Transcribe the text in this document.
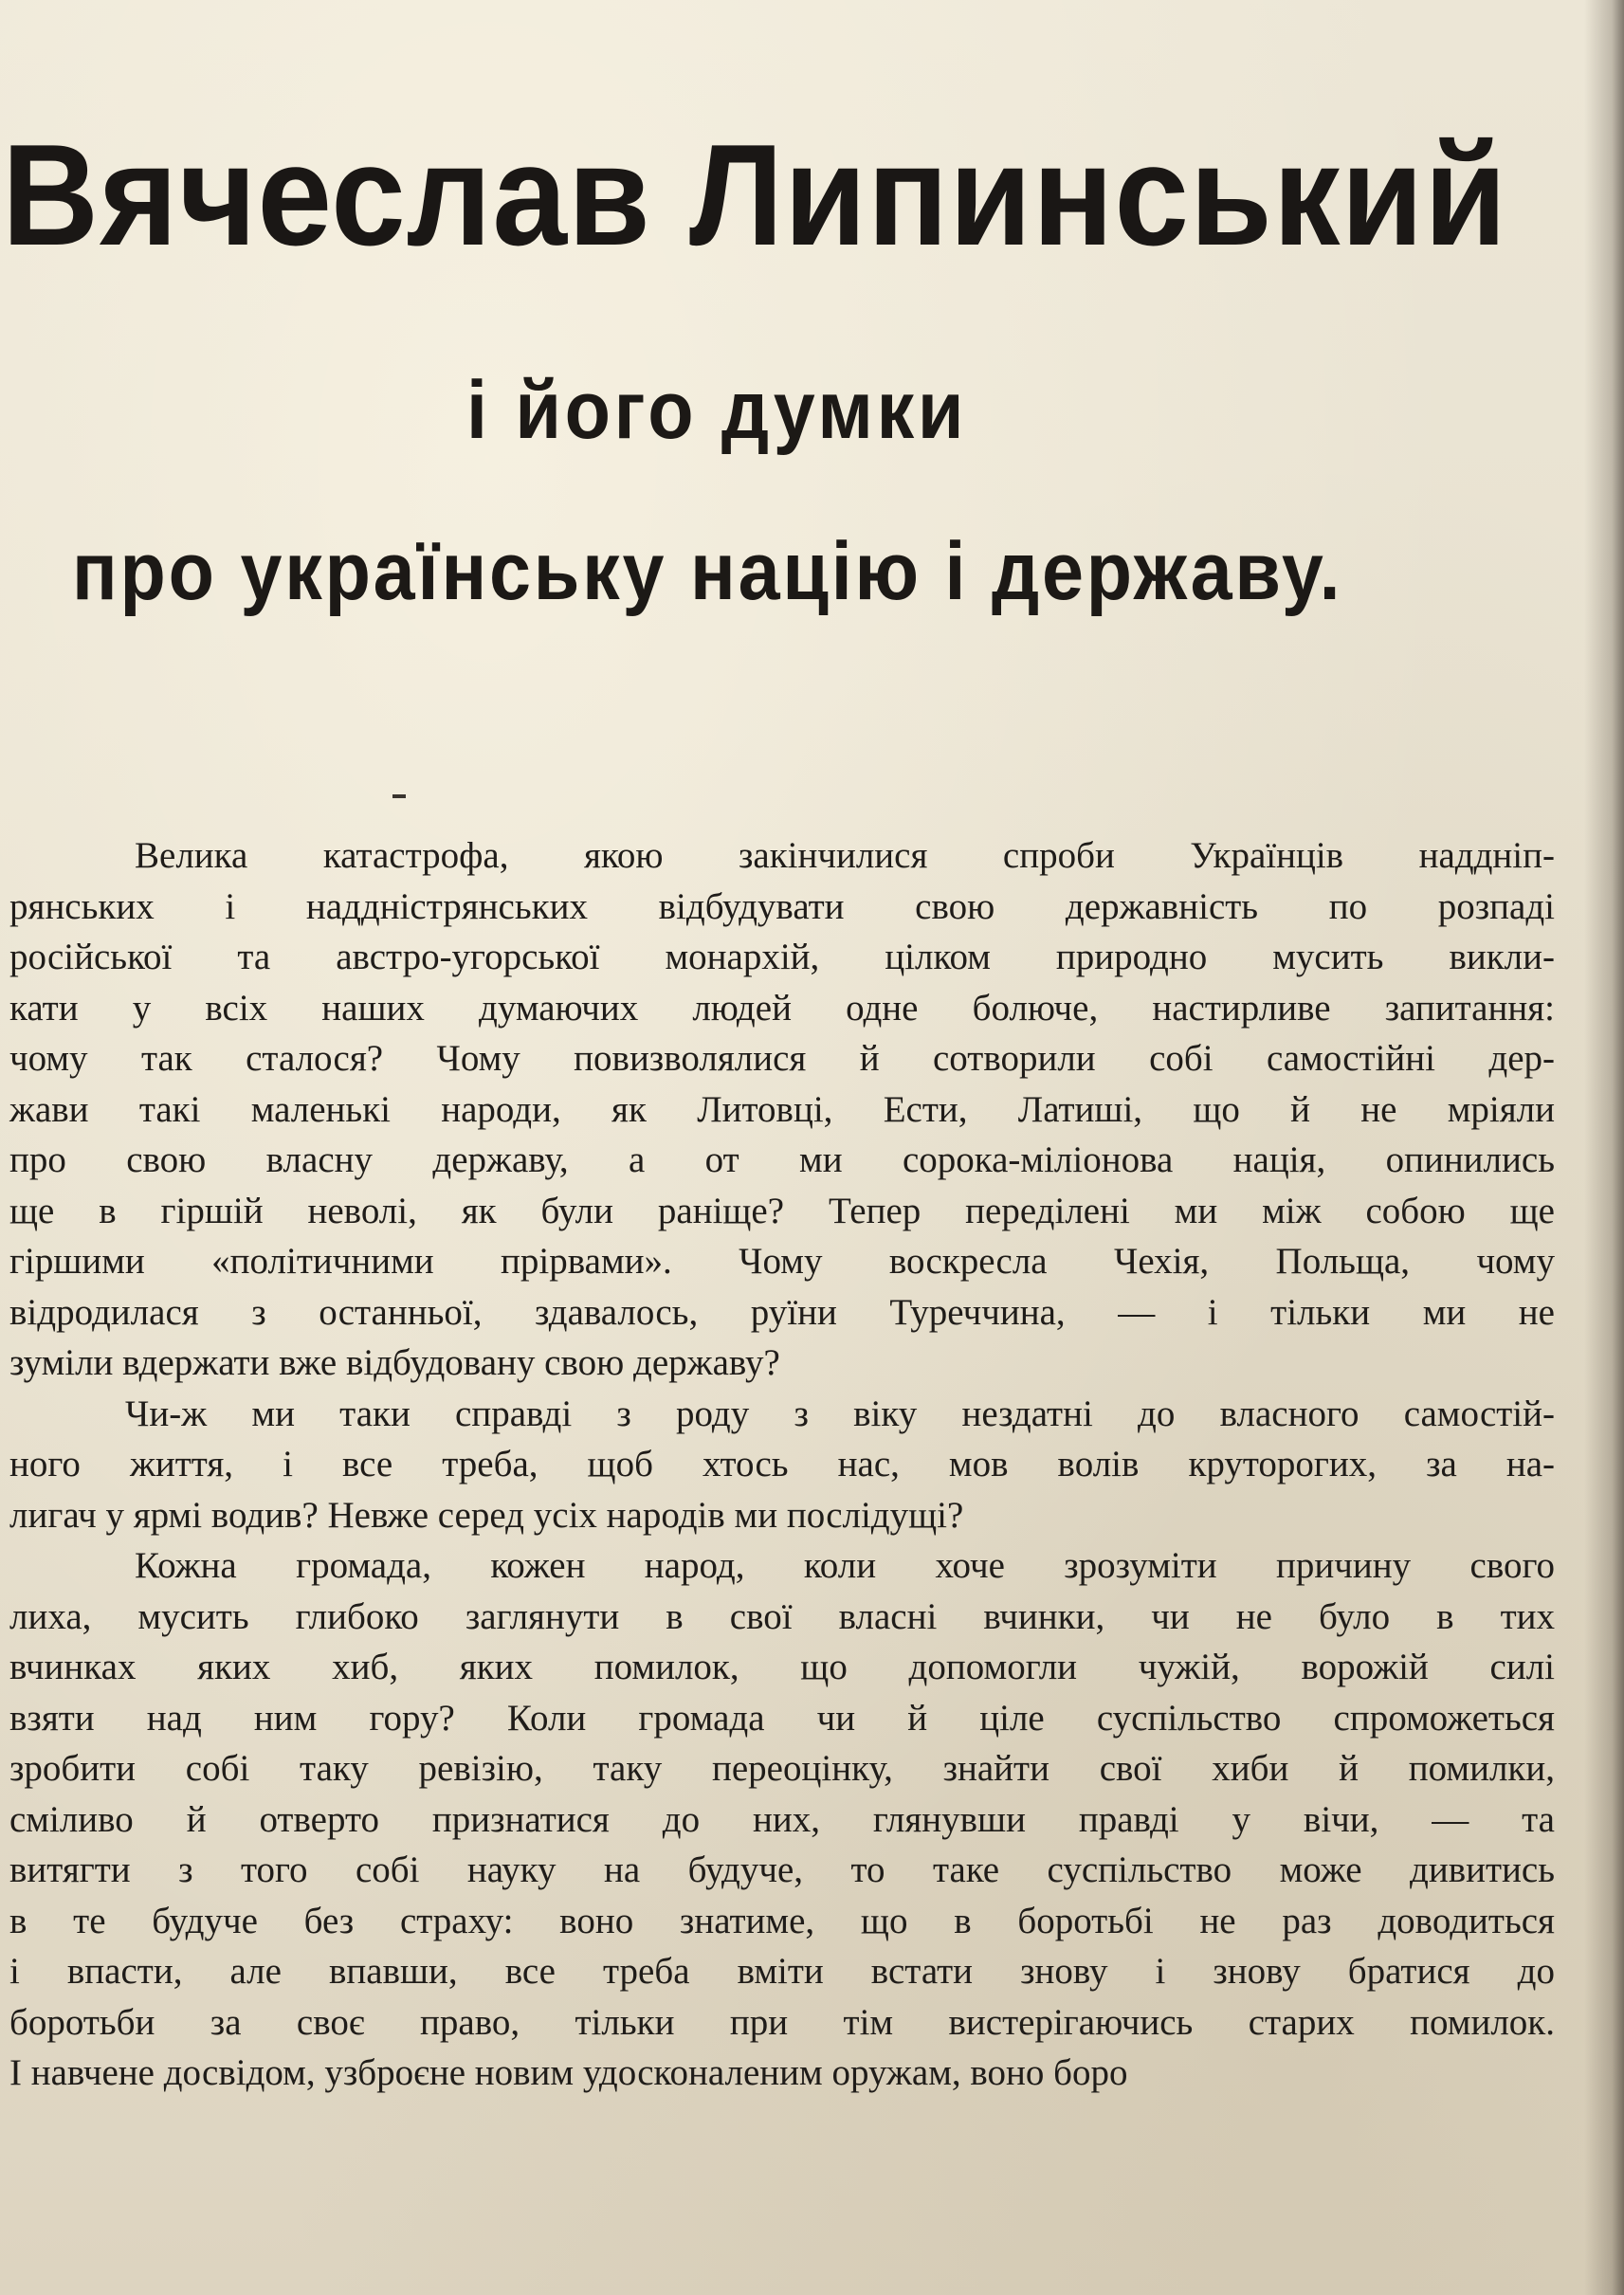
Вячеслав Липинський
і його думки
про українську націю і державу.

Велика катастрофа, якою закінчилися спроби Українців наддніп-
рянських і наддністрянських відбудувати свою державність по розпаді
російської та австро-угорської монархій, цілком природно мусить викли-
кати у всіх наших думаючих людей одне болюче, настирливе запитання:
чому так сталося? Чому повизволялися й сотворили собі самостійні дер-
жави такі маленькі народи, як Литовці, Ести, Латиші, що й не мріяли
про свою власну державу, а от ми сорока-міліонова нація, опинились
ще в гіршій неволі, як були раніще? Тепер переділені ми між собою ще
гіршими «політичними прірвами». Чому воскресла Чехія, Польща, чому
відродилася з останньої, здавалось, руїни Туреччина, — і тільки ми не
зуміли вдержати вже відбудовану свою державу?

Чи-ж ми таки справді з роду з віку нездатні до власного самостій-
ного життя, і все треба, щоб хтось нас, мов волів круторогих, за на-
лигач у ярмі водив? Невже серед усіх народів ми послідущі?

Кожна громада, кожен народ, коли хоче зрозуміти причину свого
лиха, мусить глибоко заглянути в свої власні вчинки, чи не було в тих
вчинках яких хиб, яких помилок, що допомогли чужій, ворожій силі
взяти над ним гору? Коли громада чи й ціле суспільство спроможеться
зробити собі таку ревізію, таку переоцінку, знайти свої хиби й помилки,
сміливо й отверто признатися до них, глянувши правді у вічи, — та
витягти з того собі науку на будуче, то таке суспільство може дивитись
в те будуче без страху: воно знатиме, що в боротьбі не раз доводиться
і впасти, але впавши, все треба вміти встати знову і знову братися до
боротьби за своє право, тільки при тім вистерігаючись старих помилок.
І навчене досвідом, узброєне новим удосконаленим оружам, воно боро
